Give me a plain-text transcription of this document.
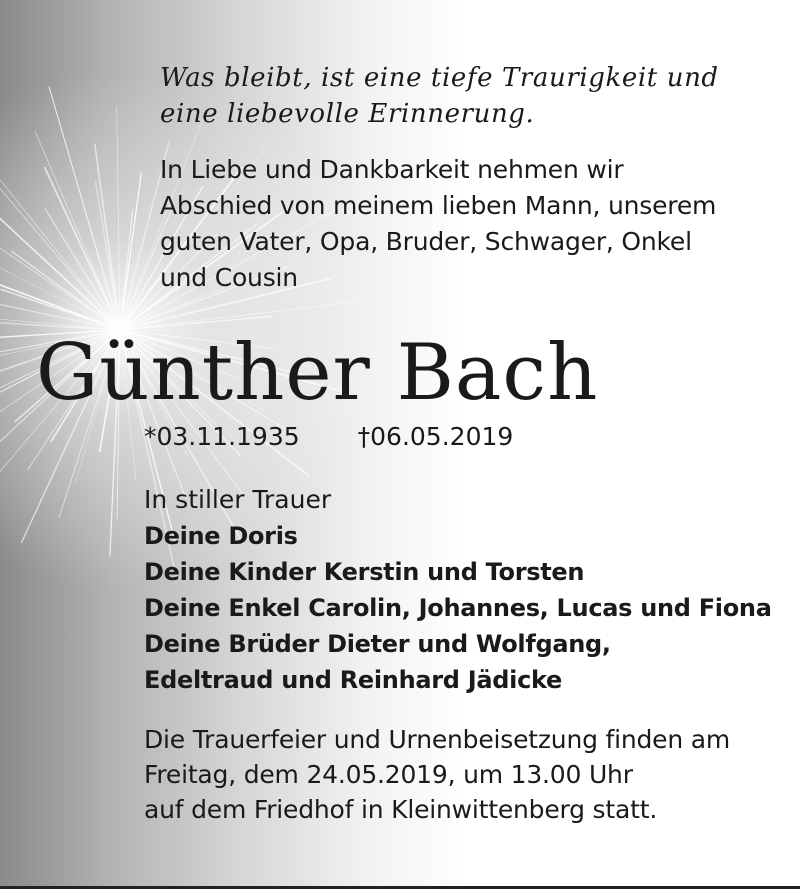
Was bleibt, ist eine tiefe Traurigkeit und
eine liebevolle Erinnerung.
In Liebe und Dankbarkeit nehmen wir
Abschied von meinem lieben Mann, unserem
guten Vater, Opa, Bruder, Schwager, Onkel
und Cousin
Günther Bach
*03.11.1935 †06.05.2019
In stiller Trauer
Deine Doris
Deine Kinder Kerstin und Torsten
Deine Enkel Carolin, Johannes, Lucas und Fiona
Deine Brüder Dieter und Wolfgang,
Edeltraud und Reinhard Jädicke
Die Trauerfeier und Urnenbeisetzung finden am
Freitag, dem 24.05.2019, um 13.00 Uhr
auf dem Friedhof in Kleinwittenberg statt.
